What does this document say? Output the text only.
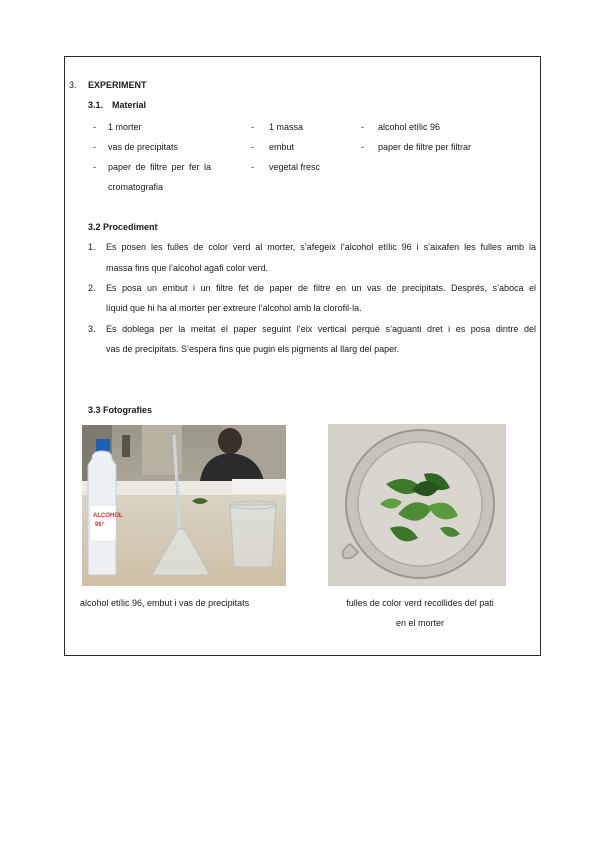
3. EXPERIMENT
3.1. Material
- 1 morter
- vas de precipitats
- paper de filtre per fer la
cromatografia
- 1 massa
- embut
- vegetal fresc
- alcohol etílic 96
- paper de filtre per filtrar
3.2 Procediment
1. Es posen les fulles de color verd al morter, s’afegeix l’alcohol etílic 96 i s’aixafen les fulles amb la
massa fins que l’alcohol agafi color verd.
2. Es posa un embut i un filtre fet de paper de filtre en un vas de precipitats. Després, s’aboca el
líquid que hi ha al morter per extreure l’alcohol amb la clorofil·la.
3. Es doblega per la meitat el paper seguint l’eix vertical perquè s’aguanti dret i es posa dintre del
vas de precipitats. S’espera fins que pugin els pigments al llarg del paper.
3.3 Fotografies
ALCOHOL
96°
alcohol etílic 96, embut i vas de precipitats	fulles de color verd recollides del pati
en el morter
